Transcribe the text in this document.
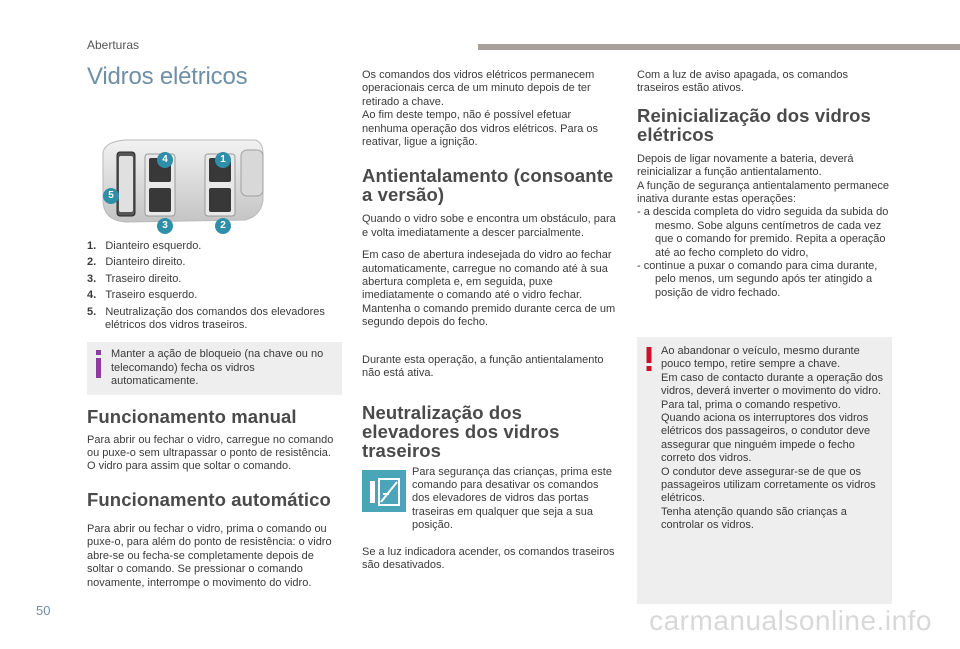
Aberturas
Vidros elétricos
4	1
5
3	2

1. Dianteiro esquerdo.

2. Dianteiro direito.

3. Traseiro direito.

4. Traseiro esquerdo.

5. Neutralização dos comandos dos elevadores elétricos dos vidros traseiros.

Manter a ação de bloqueio (na chave ou no telecomando) fecha os vidros automaticamente.

Funcionamento manual

Para abrir ou fechar o vidro, carregue no comando ou puxe-o sem ultrapassar o ponto de resistência. O vidro para assim que soltar o comando.

Funcionamento automático

Para abrir ou fechar o vidro, prima o comando ou puxe-o, para além do ponto de resistência: o vidro abre-se ou fecha-se completamente depois de soltar o comando. Se pressionar o comando novamente, interrompe o movimento do vidro.

Os comandos dos vidros elétricos permanecem operacionais cerca de um minuto depois de ter retirado a chave.

Ao fim deste tempo, não é possível efetuar nenhuma operação dos vidros elétricos. Para os reativar, ligue a ignição.

Antientalamento (consoante a versão)

Quando o vidro sobe e encontra um obstáculo, para e volta imediatamente a descer parcialmente.

Em caso de abertura indesejada do vidro ao fechar automaticamente, carregue no comando até à sua abertura completa e, em seguida, puxe imediatamente o comando até o vidro fechar. Mantenha o comando premido durante cerca de um segundo depois do fecho.

Durante esta operação, a função antientalamento não está ativa.

Neutralização dos elevadores dos vidros traseiros

Para segurança das crianças, prima este comando para desativar os comandos dos elevadores de vidros das portas traseiras em qualquer que seja a sua posição.

Se a luz indicadora acender, os comandos traseiros são desativados.

Com a luz de aviso apagada, os comandos traseiros estão ativos.

Reinicialização dos vidros elétricos

Depois de ligar novamente a bateria, deverá reinicializar a função antientalamento.

A função de segurança antientalamento permanece inativa durante estas operações:

- a descida completa do vidro seguida da subida do mesmo. Sobe alguns centímetros de cada vez que o comando for premido. Repita a operação até ao fecho completo do vidro,

- continue a puxar o comando para cima durante, pelo menos, um segundo após ter atingido a posição de vidro fechado.

Ao abandonar o veículo, mesmo durante pouco tempo, retire sempre a chave.

Em caso de contacto durante a operação dos vidros, deverá inverter o movimento do vidro. Para tal, prima o comando respetivo.

Quando aciona os interruptores dos vidros elétricos dos passageiros, o condutor deve assegurar que ninguém impede o fecho correto dos vidros.

O condutor deve assegurar-se de que os passageiros utilizam corretamente os vidros elétricos.

Tenha atenção quando são crianças a controlar os vidros.

50	carmanualsonline.info
